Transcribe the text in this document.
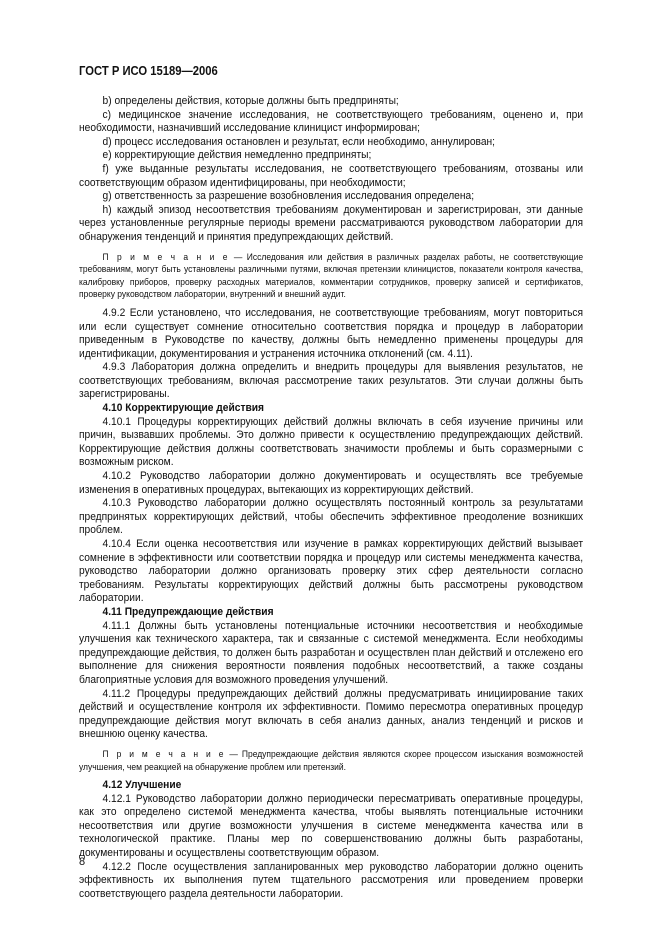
ГОСТ Р ИСО 15189—2006

b) определены действия, которые должны быть предприняты;

c) медицинское значение исследования, не соответствующего требованиям, оценено и, при необходимости, назначивший исследование клиницист информирован;

d) процесс исследования остановлен и результат, если необходимо, аннулирован;

e) корректирующие действия немедленно предприняты;

f) уже выданные результаты исследования, не соответствующего требованиям, отозваны или соответствующим образом идентифицированы, при необходимости;

g) ответственность за разрешение возобновления исследования определена;

h) каждый эпизод несоответствия требованиям документирован и зарегистрирован, эти данные через установленные регулярные периоды времени рассматриваются руководством лаборатории для обнаружения тенденций и принятия предупреждающих действий.

П р и м е ч а н и е — Исследования или действия в различных разделах работы, не соответствующие требованиям, могут быть установлены различными путями, включая претензии клиницистов, показатели контроля качества, калибровку приборов, проверку расходных материалов, комментарии сотрудников, проверку записей и сертификатов, проверку руководством лаборатории, внутренний и внешний аудит.

4.9.2 Если установлено, что исследования, не соответствующие требованиям, могут повториться или если существует сомнение относительно соответствия порядка и процедур в лаборатории приведенным в Руководстве по качеству, должны быть немедленно применены процедуры для идентификации, документирования и устранения источника отклонений (см. 4.11).

4.9.3 Лаборатория должна определить и внедрить процедуры для выявления результатов, не соответствующих требованиям, включая рассмотрение таких результатов. Эти случаи должны быть зарегистрированы.

4.10 Корректирующие действия

4.10.1 Процедуры корректирующих действий должны включать в себя изучение причины или причин, вызвавших проблемы. Это должно привести к осуществлению предупреждающих действий. Корректирующие действия должны соответствовать значимости проблемы и быть соразмерными с возможным риском.

4.10.2 Руководство лаборатории должно документировать и осуществлять все требуемые изменения в оперативных процедурах, вытекающих из корректирующих действий.

4.10.3 Руководство лаборатории должно осуществлять постоянный контроль за результатами предпринятых корректирующих действий, чтобы обеспечить эффективное преодоление возникших проблем.

4.10.4 Если оценка несоответствия или изучение в рамках корректирующих действий вызывает сомнение в эффективности или соответствии порядка и процедур или системы менеджмента качества, руководство лаборатории должно организовать проверку этих сфер деятельности согласно требованиям. Результаты корректирующих действий должны быть рассмотрены руководством лаборатории.

4.11 Предупреждающие действия

4.11.1 Должны быть установлены потенциальные источники несоответствия и необходимые улучшения как технического характера, так и связанные с системой менеджмента. Если необходимы предупреждающие действия, то должен быть разработан и осуществлен план действий и отслежено его выполнение для снижения вероятности появления подобных несоответствий, а также созданы благоприятные условия для возможного проведения улучшений.

4.11.2 Процедуры предупреждающих действий должны предусматривать инициирование таких действий и осуществление контроля их эффективности. Помимо пересмотра оперативных процедур предупреждающие действия могут включать в себя анализ данных, анализ тенденций и рисков и внешнюю оценку качества.

П р и м е ч а н и е — Предупреждающие действия являются скорее процессом изыскания возможностей улучшения, чем реакцией на обнаружение проблем или претензий.
4.12 Улучшение

4.12.1 Руководство лаборатории должно периодически пересматривать оперативные процедуры, как это определено системой менеджмента качества, чтобы выявлять потенциальные источники несоответствия или другие возможности улучшения в системе менеджмента качества или в технологической практике. Планы мер по совершенствованию должны быть разработаны, документированы и осуществлены соответствующим образом.

4.12.2 После осуществления запланированных мер руководство лаборатории должно оценить эффективность их выполнения путем тщательного рассмотрения или проведением проверки соответствующего раздела деятельности лаборатории.

8
